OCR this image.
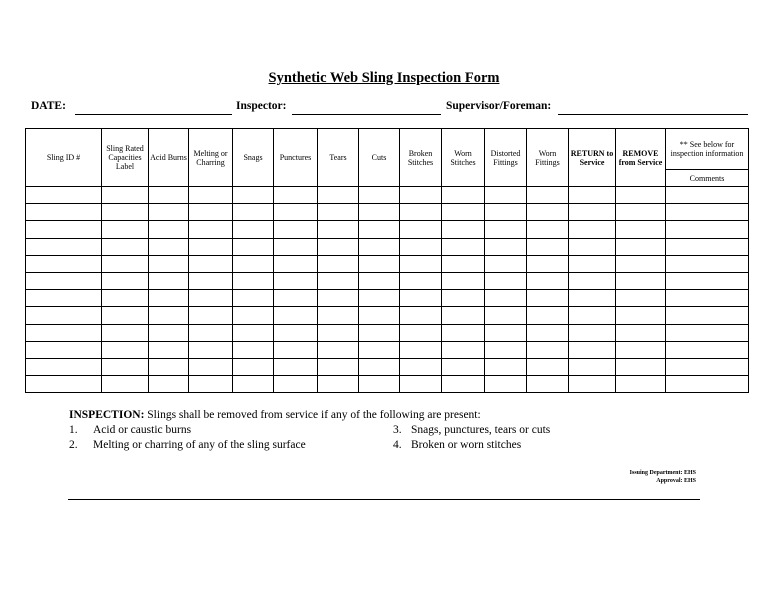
Synthetic Web Sling Inspection Form
DATE:	Inspector:	Supervisor/Foreman:
Sling ID #	Sling Rated Capacities Label	Acid Burns	Melting or Charring	Snags	Punctures	Tears	Cuts	Broken Stitches	Worn Stitches	Distorted Fittings	Worn Fittings	RETURN to Service	REMOVE from Service	** See below for inspection information
														Comments

INSPECTION: Slings shall be removed from service if any of the following are present:
1. Acid or caustic burns
2. Melting or charring of any of the sling surface
3. Snags, punctures, tears or cuts
4. Broken or worn stitches
Issuing Department: EHS
Approval: EHS
